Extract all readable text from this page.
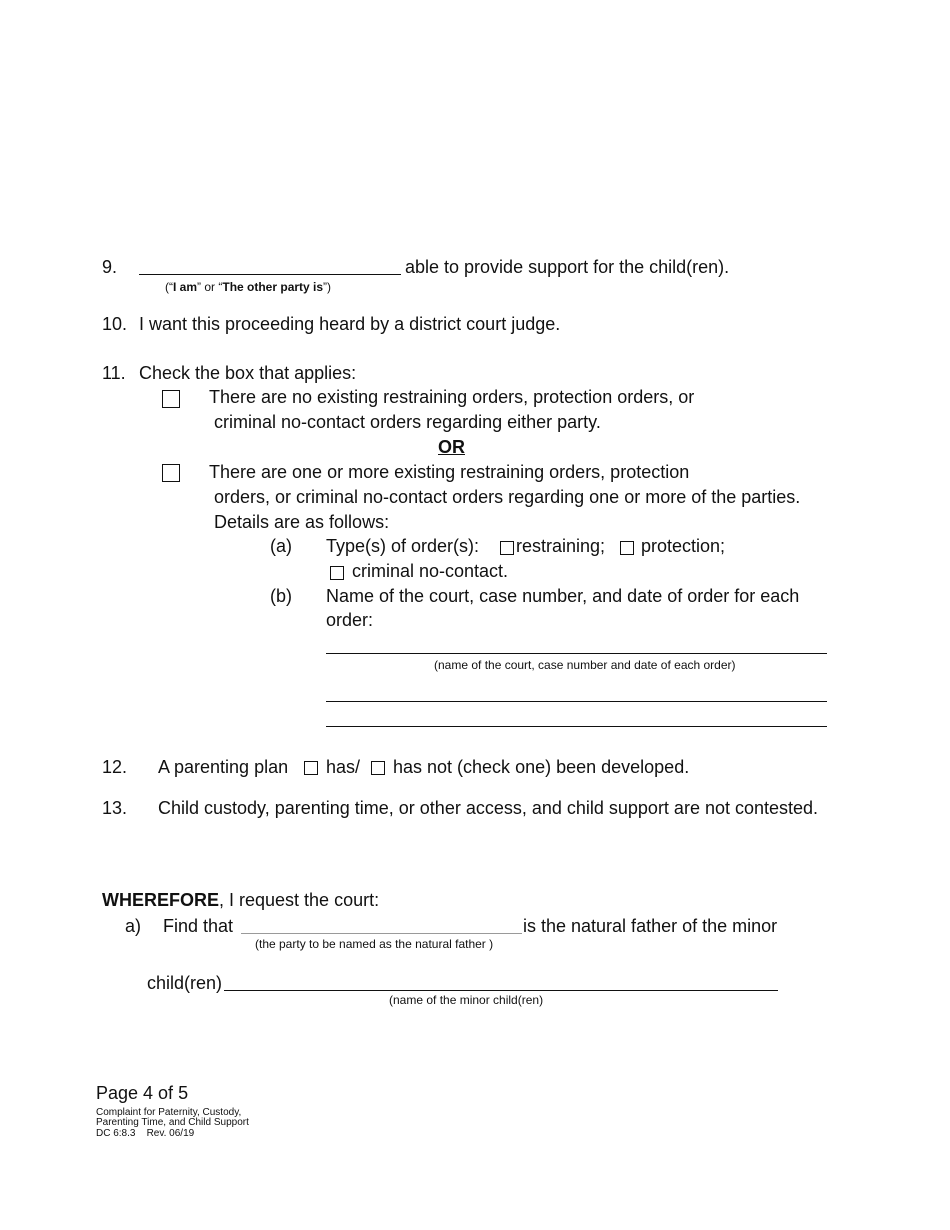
9.	able to provide support for the child(ren).
(“I am” or “The other party is”)
10. I want this proceeding heard by a district court judge.
11. Check the box that applies:
There are no existing restraining orders, protection orders, or
criminal no-contact orders regarding either party.
OR
There are one or more existing restraining orders, protection
orders, or criminal no-contact orders regarding one or more of the parties.
Details are as follows:
(a) Type(s) of order(s): restraining; protection;
criminal no-contact.
(b) Name of the court, case number, and date of order for each
order:
(name of the court, case number and date of each order)
12. A parenting plan has/ has not (check one) been developed.
13. Child custody, parenting time, or other access, and child support are not contested.
WHEREFORE, I request the court:
a) Find that	is the natural father of the minor
(the party to be named as the natural father )
child(ren)
(name of the minor child(ren)
Page 4 of 5
Complaint for Paternity, Custody,
Parenting Time, and Child Support
DC 6:8.3    Rev. 06/19
